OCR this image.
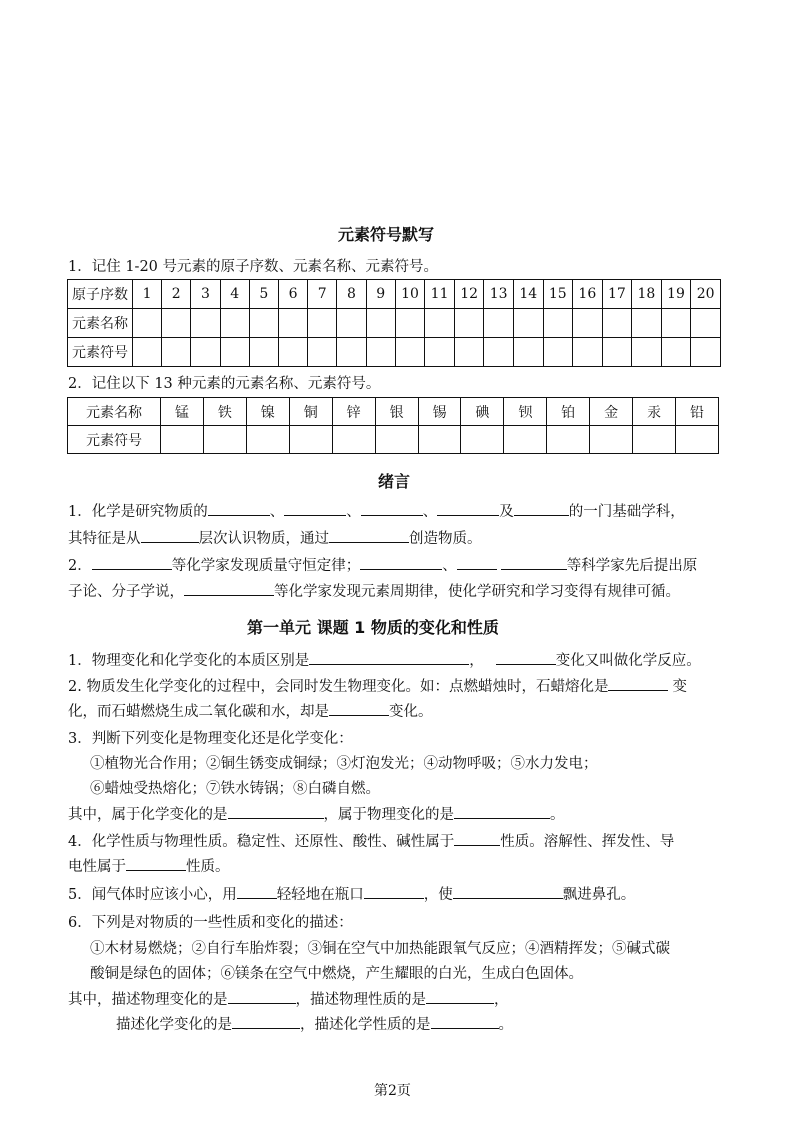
元素符号默写
1．记住 1-20 号元素的原子序数、元素名称、元素符号。
原子序数	1	2	3	4	5	6	7	8	9	10	11	12	13	14	15	16	17	18	19	20
元素名称																				
元素符号																				
2．记住以下 13 种元素的元素名称、元素符号。
元素名称	锰	铁	镍	铜	锌	银	锡	碘	钡	铂	金	汞	铅
元素符号													
绪言
1．化学是研究物质的	、	、	、	及	的一门基础学科，
其特征是从	层次认识物质，通过	创造物质。
2．	等化学家发现质量守恒定律；	、	等科学家先后提出原
子论、分子学说，	等化学家发现元素周期律，使化学研究和学习变得有规律可循。
第一单元 课题 1 物质的变化和性质
1．物理变化和化学变化的本质区别是	，	变化又叫做化学反应。
2. 物质发生化学变化的过程中，会同时发生物理变化。如：点燃蜡烛时，石蜡熔化是	变
化，而石蜡燃烧生成二氧化碳和水，却是	变化。
3．判断下列变化是物理变化还是化学变化：
①植物光合作用；②铜生锈变成铜绿；③灯泡发光；④动物呼吸；⑤水力发电；
⑥蜡烛受热熔化；⑦铁水铸锅；⑧白磷自燃。
其中，属于化学变化的是	，属于物理变化的是	。
4．化学性质与物理性质。稳定性、还原性、酸性、碱性属于	性质。溶解性、挥发性、导
电性属于	性质。
5．闻气体时应该小心，用	轻轻地在瓶口	，使	飘进鼻孔。
6．下列是对物质的一些性质和变化的描述：
①木材易燃烧；②自行车胎炸裂；③铜在空气中加热能跟氧气反应；④酒精挥发；⑤碱式碳
酸铜是绿色的固体；⑥镁条在空气中燃烧，产生耀眼的白光，生成白色固体。
其中，描述物理变化的是	，描述物理性质的是	，
描述化学变化的是	，描述化学性质的是	。
第2页
